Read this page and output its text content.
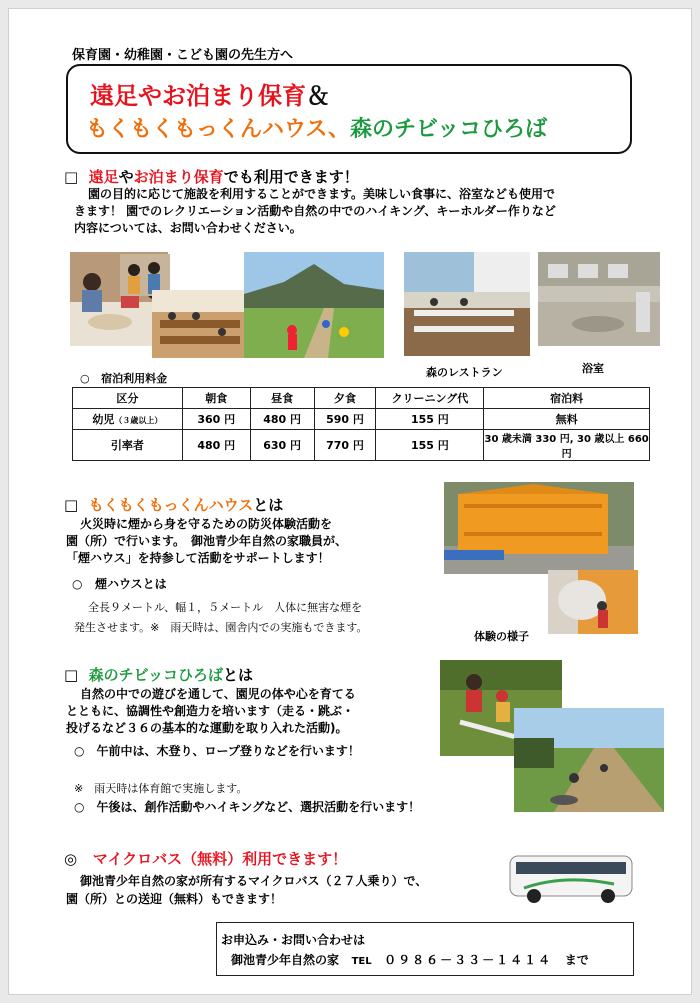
保育園・幼稚園・こども園の先生方へ
遠足やお泊まり保育＆
もくもくもっくんハウス、森のチビッコひろば
□ 遠足やお泊まり保育でも利用できます！
園の目的に応じて施設を利用することができます。美味しい食事に、浴室なども使用で
きます！ 園でのレクリエーション活動や自然の中でのハイキング、キーホルダー作りなど
内容については、お問い合わせください。
森のレストラン	浴室
○ 宿泊利用料金
区分	朝食	昼食	夕食	クリーニング代	宿泊料
幼児（３歳以上）	360 円	480 円	590 円	155 円	無料
引率者	480 円	630 円	770 円	155 円	30 歳未満 330 円, 30 歳以上 660 円
□ もくもくもっくんハウスとは
火災時に煙から身を守るための防災体験活動を
園（所）で行います。　御池青少年自然の家職員が、
「煙ハウス」を持参して活動をサポートします！
○ 煙ハウスとは
全長９メートル、幅１，５メートル　人体に無害な煙を
発生させます。※　雨天時は、園舎内での実施もできます。
体験の様子
□ 森のチビッコひろばとは
自然の中での遊びを通して、園児の体や心を育てる
とともに、協調性や創造力を培います（走る・跳ぶ・
投げるなど３６の基本的な運動を取り入れた活動)。
○　午前中は、木登り、ロープ登りなどを行います！
※　雨天時は体育館で実施します。
○　午後は、創作活動やハイキングなど、選択活動を行います！
◎ マイクロバス（無料）利用できます！
御池青少年自然の家が所有するマイクロバス（２７人乗り）で、
園（所）との送迎（無料）もできます！
お申込み・お問い合わせは
御池青少年自然の家 TEL ０９８６－３３－１４１４ まで
